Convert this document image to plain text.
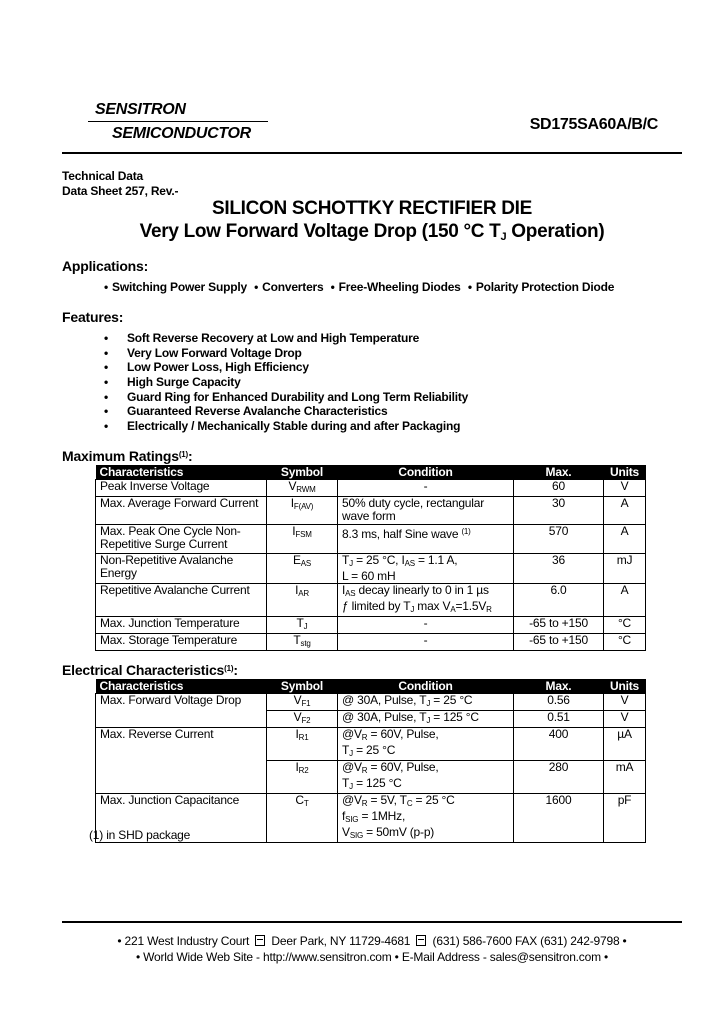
SENSITRON
SEMICONDUCTOR
SD175SA60A/B/C
Technical Data
Data Sheet 257, Rev.-
SILICON SCHOTTKY RECTIFIER DIE
Very Low Forward Voltage Drop (150 °C $T_J$ Operation)
Applications:
• Switching Power Supply • Converters • Free-Wheeling Diodes • Polarity Protection Diode
Features:
• Soft Reverse Recovery at Low and High Temperature
• Very Low Forward Voltage Drop
• Low Power Loss, High Efficiency
• High Surge Capacity
• Guard Ring for Enhanced Durability and Long Term Reliability
• Guaranteed Reverse Avalanche Characteristics
• Electrically / Mechanically Stable during and after Packaging
Maximum Ratings$^{(1)}$:
Characteristics	Symbol	Condition	Max.	Units
Peak Inverse Voltage	$V_{RWM}$	-	60	V
Max. Average Forward Current	$I_{F(AV)}$	50% duty cycle, rectangular wave form	30	A
Max. Peak One Cycle Non-Repetitive Surge Current	$I_{FSM}$	8.3 ms, half Sine wave $^{(1)}$	570	A
Non-Repetitive Avalanche Energy	$E_{AS}$	$T_J = 25$ °C, $I_{AS} = 1.1$ A,
L = 60 mH	36	mJ
Repetitive Avalanche Current	$I_{AR}$	$I_{AS}$ decay linearly to 0 in 1 µs
ƒ limited by $T_J$ $\max V_A=1.5V_R$	6.0	A
Max. Junction Temperature	$T_J$	-	-65 to +150	°C
Max. Storage Temperature	$T_{stg}$	-	-65 to +150	°C
Electrical Characteristics$^{(1)}$:
Characteristics	Symbol	Condition	Max.	Units
Max. Forward Voltage Drop	$V_{F1}$	@ 30A, Pulse, $T_J = 25$ °C	0.56	V
	$V_{F2}$	@ 30A, Pulse, $T_J = 125$ °C	0.51	V
Max. Reverse Current	$I_{R1}$	$@V_R = 60V$, Pulse,
$T_J = 25$ °C	400	µA
	$I_{R2}$	$@V_R = 60V$, Pulse,
$T_J = 125$ °C	280	mA
Max. Junction Capacitance	$C_T$	$@V_R = 5V$, $T_C = 25$ °C
$f_{SIG} = 1MHz$,
$V_{SIG} = 50mV$ (p-p)	1600	pF
(1) in SHD package
• 221 West Industry Court Deer Park, NY 11729-4681 (631) 586-7600 FAX (631) 242-9798 •
• World Wide Web Site - http://www.sensitron.com • E-Mail Address - sales@sensitron.com •
